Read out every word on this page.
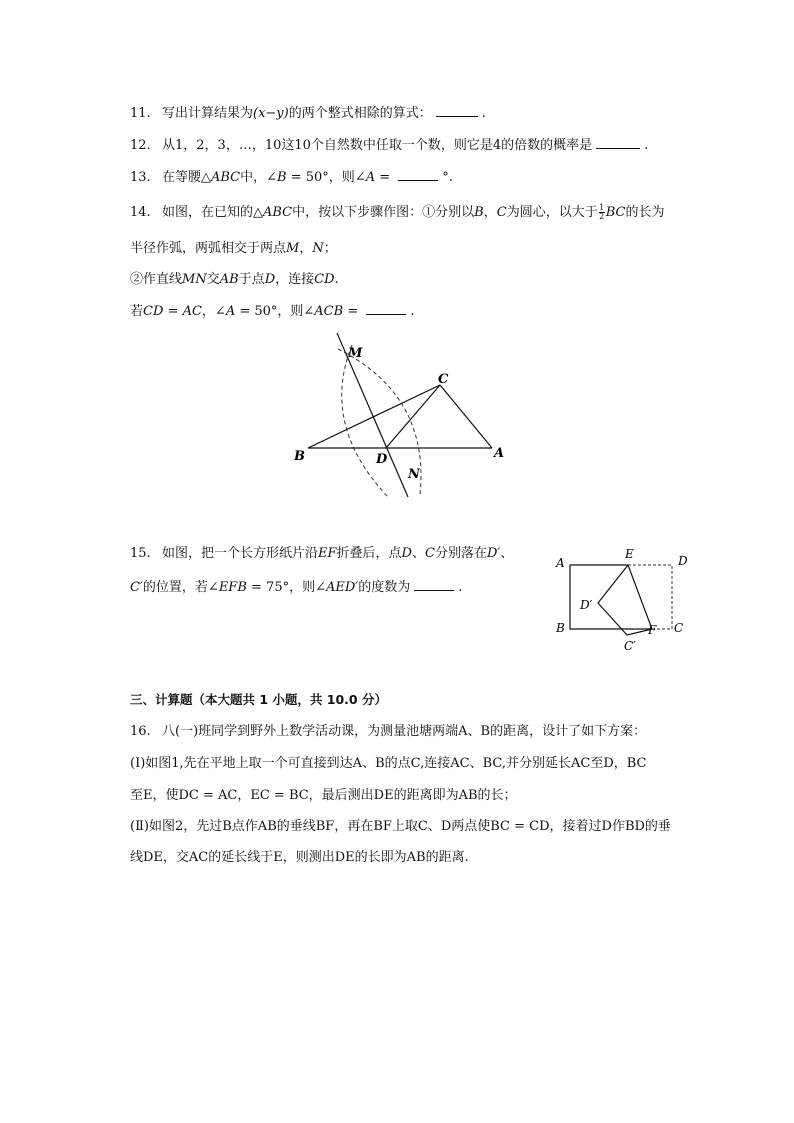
11. 写出计算结果为(x−y)的两个整式相除的算式：	.
12. 从1，2，3，…，10这10个自然数中任取一个数，则它是4的倍数的概率是	.
13. 在等腰△ABC中，∠B = 50°，则∠A =	°.
14. 如图，在已知的△ABC中，按以下步骤作图：①分别以B，C为圆心，以大于 $\frac{1}{2}$ BC的长为
半径作弧，两弧相交于两点M，N；
②作直线MN交AB于点D，连接CD.
若CD = AC，∠A = 50°，则∠ACB =	.
M
C
B	D	A
N
15. 如图，把一个长方形纸片沿EF折叠后，点D、C分别落在D′、
C′的位置，若∠EFB = 75°，则∠AED′的度数为	.
A
E	D
D′
B	F C
C′
三、计算题（本大题共 1 小题，共 10.0 分）
16. 八(一)班同学到野外上数学活动课，为测量池塘两端A、B的距离，设计了如下方案：
(Ⅰ)如图1,先在平地上取一个可直接到达A、B的点C,连接AC、BC,并分别延长AC至D，BC
至E，使DC = AC，EC = BC，最后测出DE的距离即为AB的长；
(Ⅱ)如图2，先过B点作AB的垂线BF，再在BF上取C、D两点使BC = CD，接着过D作BD的垂
线DE，交AC的延长线于E，则测出DE的长即为AB的距离.
